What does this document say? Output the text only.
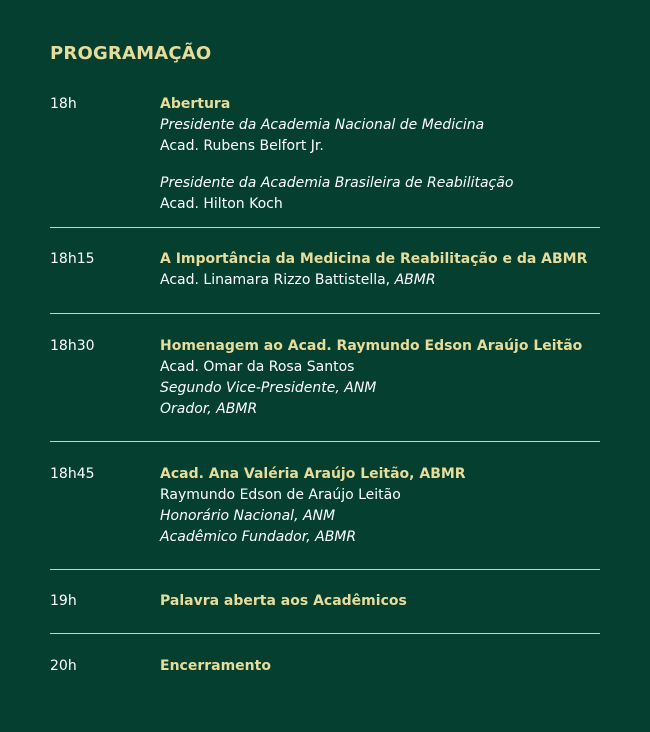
PROGRAMAÇÃO
18h	Abertura
Presidente da Academia Nacional de Medicina
Acad. Rubens Belfort Jr.
Presidente da Academia Brasileira de Reabilitação
Acad. Hilton Koch
18h15	A Importância da Medicina de Reabilitação e da ABMR
Acad. Linamara Rizzo Battistella, ABMR
18h30	Homenagem ao Acad. Raymundo Edson Araújo Leitão
Acad. Omar da Rosa Santos
Segundo Vice-Presidente, ANM
Orador, ABMR
18h45	Acad. Ana Valéria Araújo Leitão, ABMR
Raymundo Edson de Araújo Leitão
Honorário Nacional, ANM
Acadêmico Fundador, ABMR
19h	Palavra aberta aos Acadêmicos
20h	Encerramento
